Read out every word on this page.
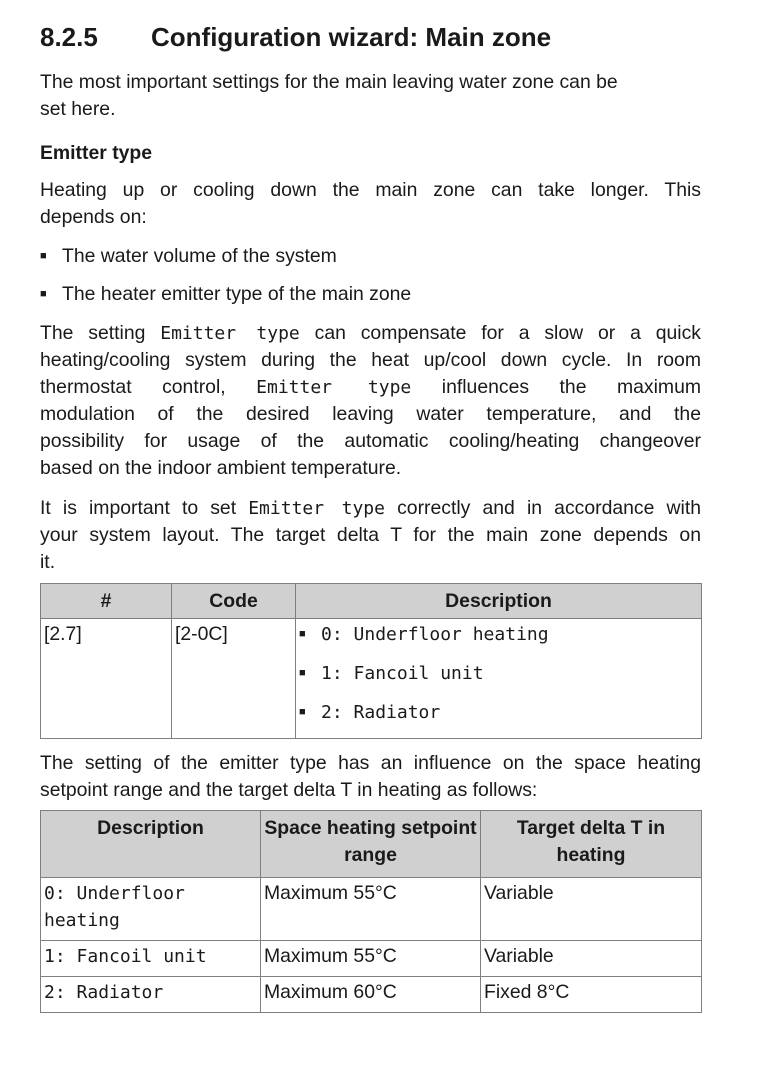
8.2.5 Configuration wizard: Main zone
The most important settings for the main leaving water zone can be
set here.
Emitter type
Heating up or cooling down the main zone can take longer. This
depends on:
■ The water volume of the system
■ The heater emitter type of the main zone
The setting Emitter type can compensate for a slow or a quick
heating/cooling system during the heat up/cool down cycle. In room
thermostat control, Emitter type influences the maximum
modulation of the desired leaving water temperature, and the
possibility for usage of the automatic cooling/heating changeover
based on the indoor ambient temperature.
It is important to set Emitter type correctly and in accordance with
your system layout. The target delta T for the main zone depends on
it.
#	Code	Description
[2.7]	[2-0C]	■ 0: Underfloor heating
■ 1: Fancoil unit
■ 2: Radiator
The setting of the emitter type has an influence on the space heating
setpoint range and the target delta T in heating as follows:
Description	Space heating setpoint range	Target delta T in heating
0: Underfloor
heating	Maximum 55°C	Variable
1: Fancoil unit	Maximum 55°C	Variable
2: Radiator	Maximum 60°C	Fixed 8°C
